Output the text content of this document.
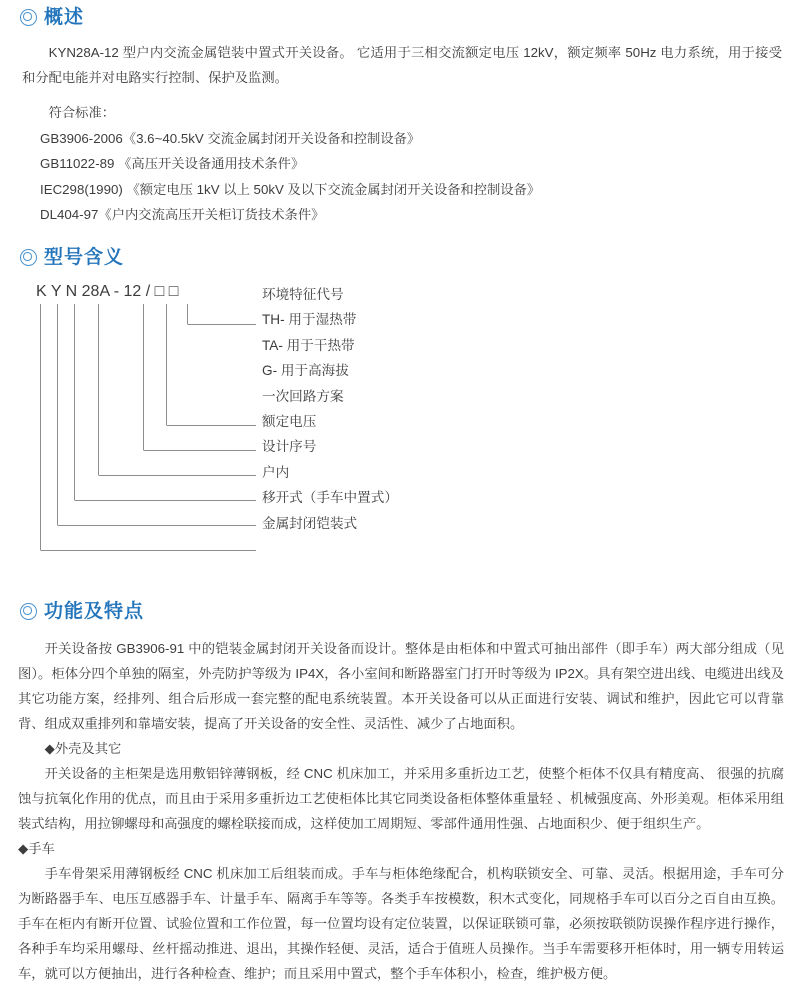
概述

KYN28A-12 型户内交流金属铠装中置式开关设备。 它适用于三相交流额定电压 12kV，额定频率 50Hz 电力系统，用于接受和分配电能并对电路实行控制、保护及监测。

符合标准：

GB3906-2006《3.6~40.5kV 交流金属封闭开关设备和控制设备》
GB11022-89 《高压开关设备通用技术条件》
IEC298(1990) 《额定电压 1kV 以上 50kV 及以下交流金属封闭开关设备和控制设备》
DL404-97《户内交流高压开关柜订货技术条件》
型号含义
K Y N 28A - 12 / □ □	环境特征代号
TH- 用于湿热带
TA- 用于干热带
G- 用于高海拔
一次回路方案
额定电压
设计序号
户内
移开式（手车中置式）
金属封闭铠装式
功能及特点

开关设备按 GB3906-91 中的铠装金属封闭开关设备而设计。整体是由柜体和中置式可抽出部件（即手车）两大部分组成（见图）。柜体分四个单独的隔室，外壳防护等级为 IP4X，各小室间和断路器室门打开时等级为 IP2X。具有架空进出线、电缆进出线及其它功能方案，经排列、组合后形成一套完整的配电系统装置。本开关设备可以从正面进行安装、调试和维护，因此它可以背靠背、组成双重排列和靠墙安装，提高了开关设备的安全性、灵活性、减少了占地面积。

◆外壳及其它

开关设备的主柜架是选用敷铝锌薄钢板，经 CNC 机床加工，并采用多重折边工艺，使整个柜体不仅具有精度高、 很强的抗腐蚀与抗氧化作用的优点，而且由于采用多重折边工艺使柜体比其它同类设备柜体整体重量轻 、机械强度高、外形美观。柜体采用组装式结构，用拉铆螺母和高强度的螺栓联接而成，这样使加工周期短、零部件通用性强、占地面积少、便于组织生产。

◆手车

手车骨架采用薄钢板经 CNC 机床加工后组装而成。手车与柜体绝缘配合，机构联锁安全、可靠、灵活。根据用途，手车可分为断路器手车、电压互感器手车、计量手车、隔离手车等等。各类手车按模数，积木式变化，同规格手车可以百分之百自由互换。手车在柜内有断开位置、试验位置和工作位置，每一位置均设有定位装置，以保证联锁可靠，必须按联锁防误操作程序进行操作，各种手车均采用螺母、丝杆摇动推进、退出，其操作轻便、灵活，适合于值班人员操作。当手车需要移开柜体时，用一辆专用转运车，就可以方便抽出，进行各种检查、维护；而且采用中置式，整个手车体积小，检查，维护极方便。
